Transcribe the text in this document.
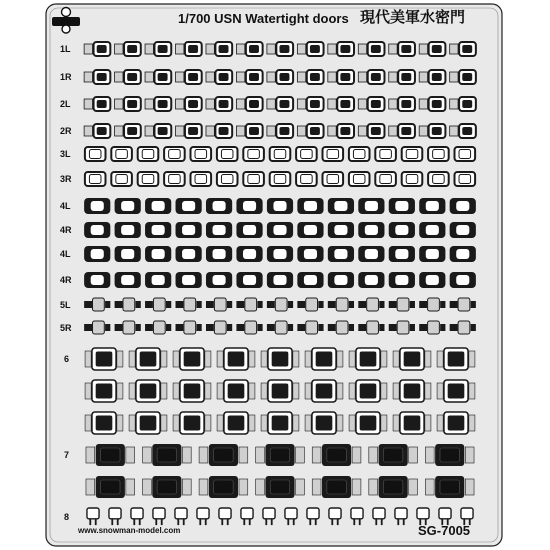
1/700 USN Watertight doors 現代美軍水密門
www.snowman-model.com	SG-7005
1L
1R
2L
2R
3L
3R
4L
4R
4L
4R
5L
5R
6
7
8
